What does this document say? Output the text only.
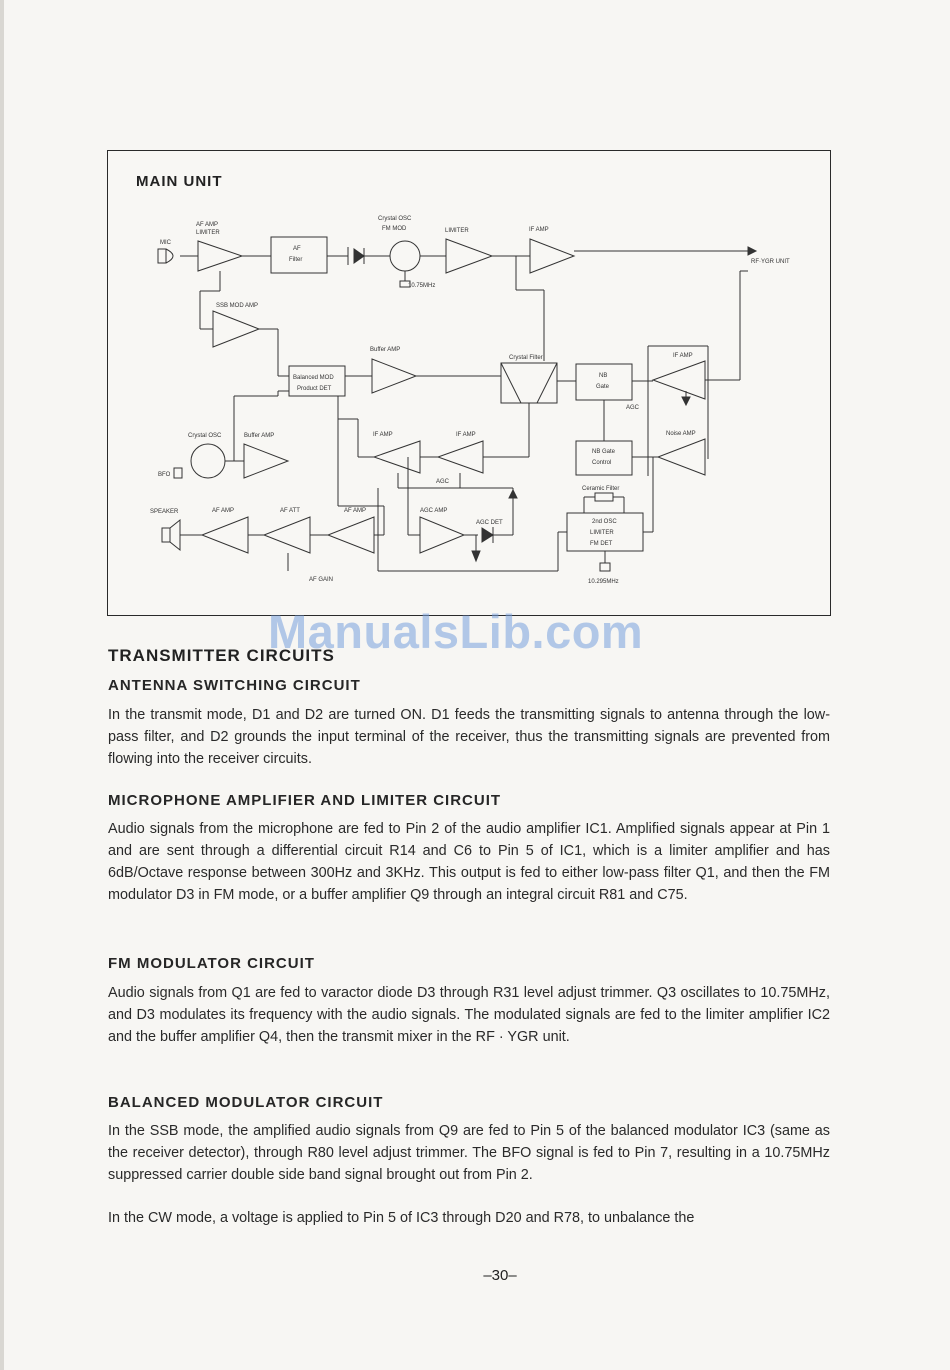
MAIN UNIT
MIC
AF AMP
LIMITER
AF
Filter
Crystal OSC
FM MOD
10.75MHz
LIMITER	IF AMP
RF·YGR UNIT
SSB MOD AMP
Balanced MOD
Product DET
Buffer AMP
Crystal Filter
NB
Gate
IF AMP
AGC
Noise AMP
NB Gate
Control
IF AMP
IF AMP
AGC
Crystal OSC
BFO
Buffer AMP
Ceramic Filter
2nd OSC
LIMITER
FM DET
10.295MHz
SPEAKER	AF AMP	AF ATT	AF AMP
AF GAIN
AGC AMP
AGC DET
ManualsLib.com
TRANSMITTER CIRCUITS
ANTENNA SWITCHING CIRCUIT
In the transmit mode, D1 and D2 are turned ON. D1 feeds the transmitting signals to antenna through the low-pass filter, and D2 grounds the input terminal of the receiver, thus the transmitting signals are prevented from flowing into the receiver circuits.
MICROPHONE AMPLIFIER AND LIMITER CIRCUIT
Audio signals from the microphone are fed to Pin 2 of the audio amplifier IC1. Amplified signals appear at Pin 1 and are sent through a differential circuit R14 and C6 to Pin 5 of IC1, which is a limiter amplifier and has 6dB/Octave response between 300Hz and 3KHz. This output is fed to either low-pass filter Q1, and then the FM modulator D3 in FM mode, or a buffer amplifier Q9 through an integral circuit R81 and C75.
FM MODULATOR CIRCUIT
Audio signals from Q1 are fed to varactor diode D3 through R31 level adjust trimmer. Q3 oscillates to 10.75MHz, and D3 modulates its frequency with the audio signals. The modulated signals are fed to the limiter amplifier IC2 and the buffer amplifier Q4, then the transmit mixer in the RF · YGR unit.
BALANCED MODULATOR CIRCUIT
In the SSB mode, the amplified audio signals from Q9 are fed to Pin 5 of the balanced modulator IC3 (same as the receiver detector), through R80 level adjust trimmer. The BFO signal is fed to Pin 7, resulting in a 10.75MHz suppressed carrier double side band signal brought out from Pin 2.
In the CW mode, a voltage is applied to Pin 5 of IC3 through D20 and R78, to unbalance the
–30–
